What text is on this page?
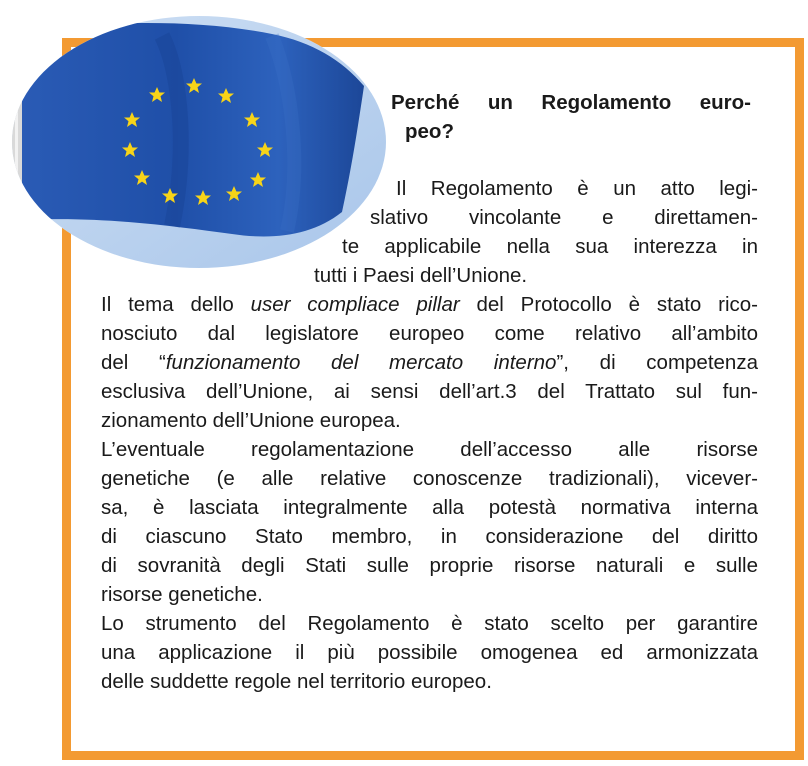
Perché un Regolamento euro-
peo?
Il Regolamento è un atto legi-
slativo vincolante e direttamen-
te applicabile nella sua interezza in
tutti i Paesi dell’Unione.
Il tema dello user compliace pillar del Protocollo è stato rico-
nosciuto dal legislatore europeo come relativo all’ambito
del “funzionamento del mercato interno”, di competenza
esclusiva dell’Unione, ai sensi dell’art.3 del Trattato sul fun-
zionamento dell’Unione europea.
L’eventuale regolamentazione dell’accesso alle risorse
genetiche (e alle relative conoscenze tradizionali), vicever-
sa, è lasciata integralmente alla potestà normativa interna
di ciascuno Stato membro, in considerazione del diritto
di sovranità degli Stati sulle proprie risorse naturali e sulle
risorse genetiche.
Lo strumento del Regolamento è stato scelto per garantire
una applicazione il più possibile omogenea ed armonizzata
delle suddette regole nel territorio europeo.
